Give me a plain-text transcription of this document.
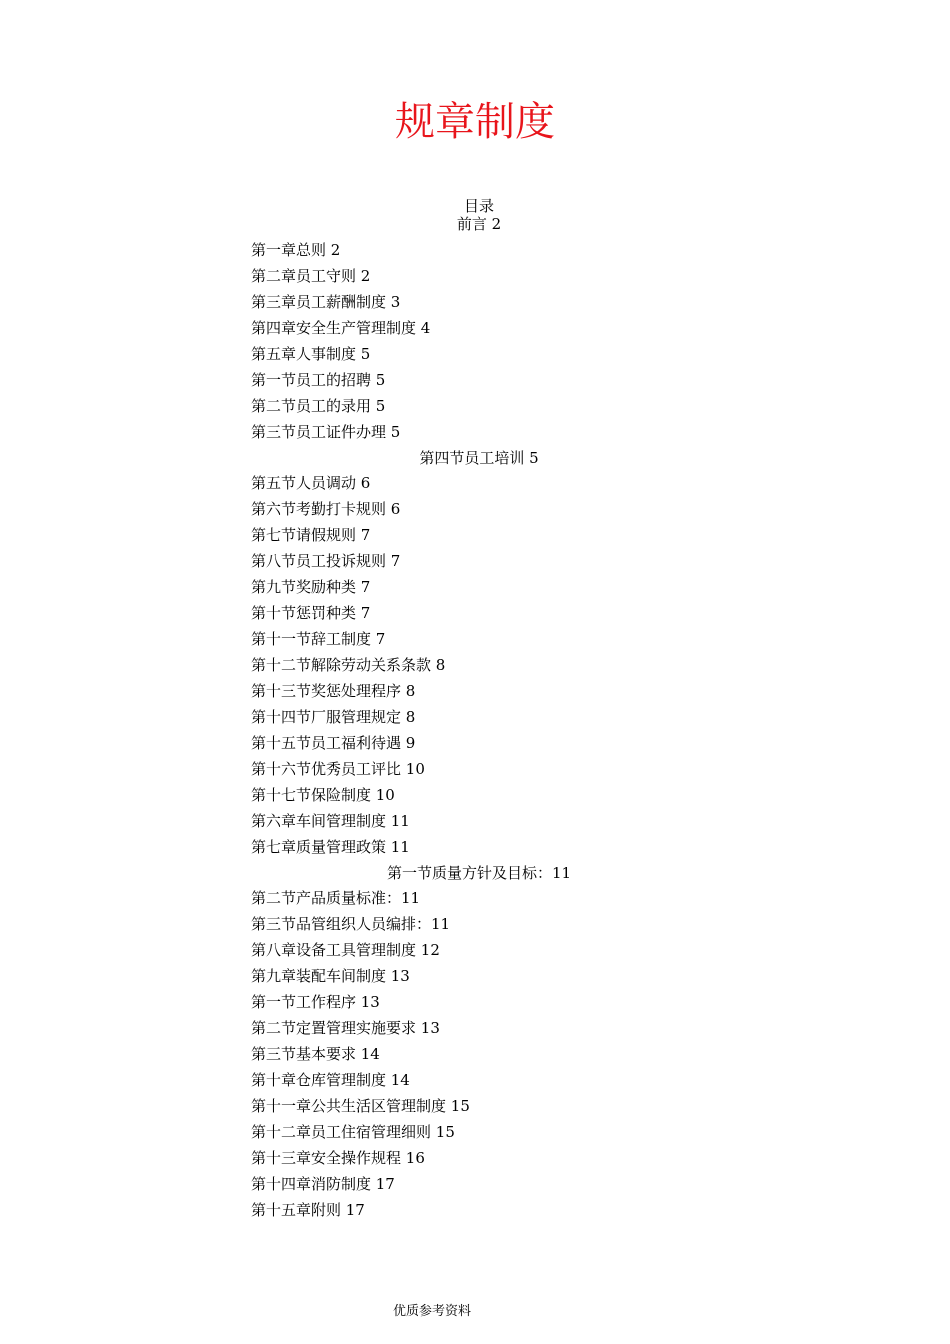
规章制度
目录
前言 2
第一章总则 2
第二章员工守则 2
第三章员工薪酬制度 3
第四章安全生产管理制度 4
第五章人事制度 5
第一节员工的招聘 5
第二节员工的录用 5
第三节员工证件办理 5
第四节员工培训 5
第五节人员调动 6
第六节考勤打卡规则 6
第七节请假规则 7
第八节员工投诉规则 7
第九节奖励种类 7
第十节惩罚种类 7
第十一节辞工制度 7
第十二节解除劳动关系条款 8
第十三节奖惩处理程序 8
第十四节厂服管理规定 8
第十五节员工福利待遇 9
第十六节优秀员工评比 10
第十七节保险制度 10
第六章车间管理制度 11
第七章质量管理政策 11
第一节质量方针及目标：11
第二节产品质量标准：11
第三节品管组织人员编排：11
第八章设备工具管理制度 12
第九章装配车间制度 13
第一节工作程序 13
第二节定置管理实施要求 13
第三节基本要求 14
第十章仓库管理制度 14
第十一章公共生活区管理制度 15
第十二章员工住宿管理细则 15
第十三章安全操作规程 16
第十四章消防制度 17
第十五章附则 17
优质参考资料
